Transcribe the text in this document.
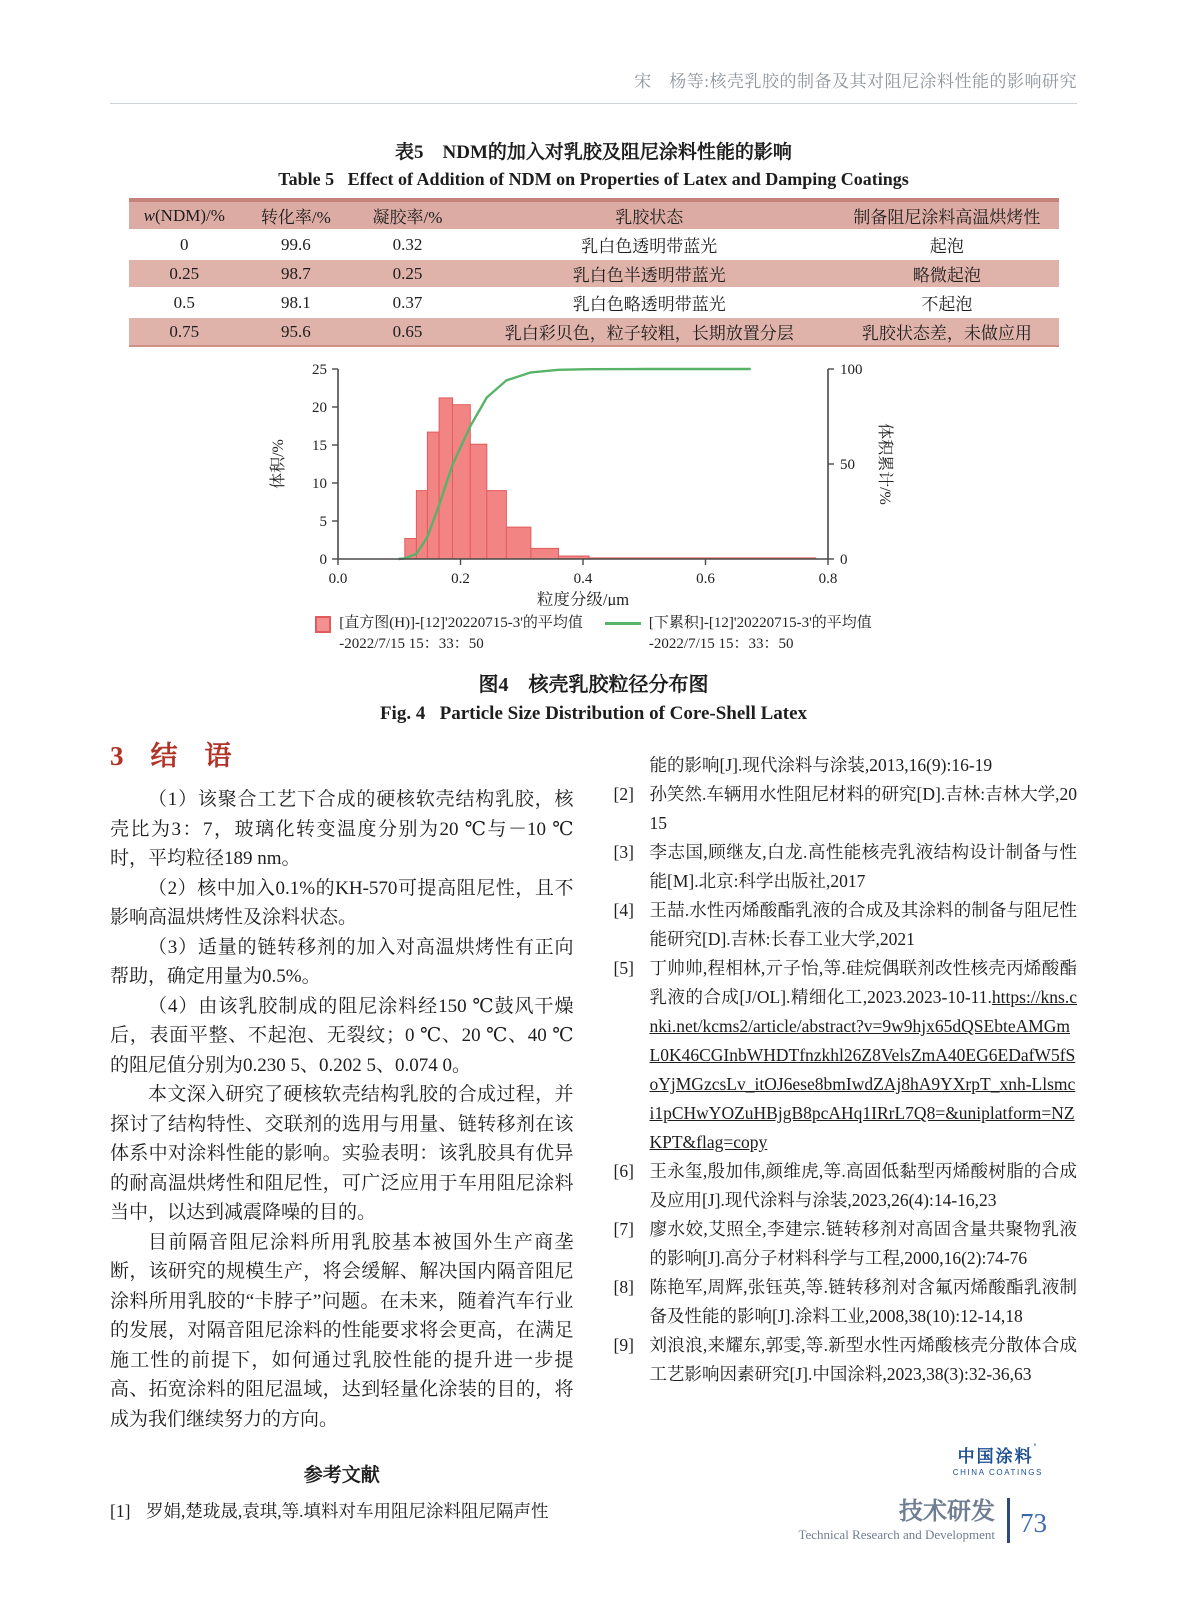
宋　杨等:核壳乳胶的制备及其对阻尼涂料性能的影响研究
表5　NDM的加入对乳胶及阻尼涂料性能的影响
Table 5   Effect of Addition of NDM on Properties of Latex and Damping Coatings
w(NDM)/%	转化率/%	凝胶率/%	乳胶状态	制备阻尼涂料高温烘烤性
0	99.6	0.32	乳白色透明带蓝光	起泡
0.25	98.7	0.25	乳白色半透明带蓝光	略微起泡
0.5	98.1	0.37	乳白色略透明带蓝光	不起泡
0.75	95.6	0.65	乳白彩贝色，粒子较粗，长期放置分层	乳胶状态差，未做应用
0
5
10
15
20
25
0
50
100
0.0	0.2	0.4	0.6	0.8
体积/%	体积累计/%
粒度分级/μm
[直方图(H)]-[12]'20220715-3'的平均值
-2022/7/15 15：33：50
[下累积]-[12]'20220715-3'的平均值
-2022/7/15 15：33：50
图4　核壳乳胶粒径分布图
Fig. 4   Particle Size Distribution of Core-Shell Latex
3　结　语

（1）该聚合工艺下合成的硬核软壳结构乳胶，核壳比为3：7，玻璃化转变温度分别为20 ℃与－10 ℃时，平均粒径189 nm。

（2）核中加入0.1%的KH-570可提高阻尼性，且不影响高温烘烤性及涂料状态。

（3）适量的链转移剂的加入对高温烘烤性有正向帮助，确定用量为0.5%。

（4）由该乳胶制成的阻尼涂料经150 ℃鼓风干燥后，表面平整、不起泡、无裂纹；0 ℃、20 ℃、40 ℃的阻尼值分别为0.230 5、0.202 5、0.074 0。

本文深入研究了硬核软壳结构乳胶的合成过程，并探讨了结构特性、交联剂的选用与用量、链转移剂在该体系中对涂料性能的影响。实验表明：该乳胶具有优异的耐高温烘烤性和阻尼性，可广泛应用于车用阻尼涂料当中，以达到减震降噪的目的。

目前隔音阻尼涂料所用乳胶基本被国外生产商垄断，该研究的规模生产，将会缓解、解决国内隔音阻尼涂料所用乳胶的“卡脖子”问题。在未来，随着汽车行业的发展，对隔音阻尼涂料的性能要求将会更高，在满足施工性的前提下，如何通过乳胶性能的提升进一步提高、拓宽涂料的阻尼温域，达到轻量化涂装的目的，将成为我们继续努力的方向。

参考文献
[1] 罗娟,楚珑晟,袁琪,等.填料对车用阻尼涂料阻尼隔声性
能的影响[J].现代涂料与涂装,2013,16(9):16-19
[2] 孙笑然.车辆用水性阻尼材料的研究[D].吉林:吉林大学,2015
[3] 李志国,顾继友,白龙.高性能核壳乳液结构设计制备与性能[M].北京:科学出版社,2017
[4] 王喆.水性丙烯酸酯乳液的合成及其涂料的制备与阻尼性能研究[D].吉林:长春工业大学,2021
[5] 丁帅帅,程相林,亓子怡,等.硅烷偶联剂改性核壳丙烯酸酯乳液的合成[J/OL].精细化工,2023.2023-10-11.https://kns.cnki.net/kcms2/article/abstract?v=9w9hjx65dQSEbteAMGmL0K46CGInbWHDTfnzkhl26Z8VelsZmA40EG6EDafW5fSoYjMGzcsLv_itOJ6ese8bmIwdZAj8hA9YXrpT_xnh-Llsmci1pCHwYOZuHBjgB8pcAHq1IRrL7Q8=&uniplatform=NZKPT&flag=copy
[6] 王永玺,殷加伟,颜维虎,等.高固低黏型丙烯酸树脂的合成及应用[J].现代涂料与涂装,2023,26(4):14-16,23
[7] 廖水姣,艾照全,李建宗.链转移剂对高固含量共聚物乳液的影响[J].高分子材料科学与工程,2000,16(2):74-76
[8] 陈艳军,周辉,张钰英,等.链转移剂对含氟丙烯酸酯乳液制备及性能的影响[J].涂料工业,2008,38(10):12-14,18
[9] 刘浪浪,来耀东,郭雯,等.新型水性丙烯酸核壳分散体合成工艺影响因素研究[J].中国涂料,2023,38(3):32-36,63
中国涂料’
CHINA COATINGS
技术研发
Technical Research and Development 73
